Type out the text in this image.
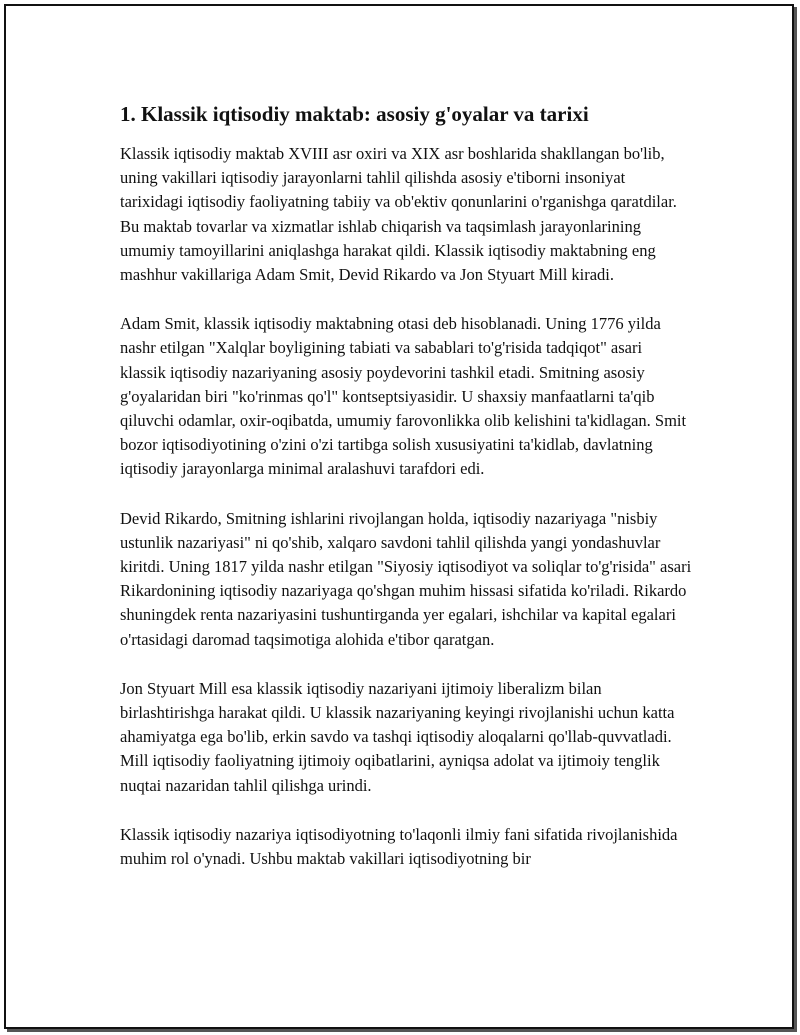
1. Klassik iqtisodiy maktab: asosiy g'oyalar va tarixi

Klassik iqtisodiy maktab XVIII asr oxiri va XIX asr boshlarida shakllangan bo'lib, uning vakillari iqtisodiy jarayonlarni tahlil qilishda asosiy e'tiborni insoniyat tarixidagi iqtisodiy faoliyatning tabiiy va ob'ektiv qonunlarini o'rganishga qaratdilar. Bu maktab tovarlar va xizmatlar ishlab chiqarish va taqsimlash jarayonlarining umumiy tamoyillarini aniqlashga harakat qildi. Klassik iqtisodiy maktabning eng mashhur vakillariga Adam Smit, Devid Rikardo va Jon Styuart Mill kiradi.

Adam Smit, klassik iqtisodiy maktabning otasi deb hisoblanadi. Uning 1776 yilda nashr etilgan "Xalqlar boyligining tabiati va sabablari to'g'risida tadqiqot" asari klassik iqtisodiy nazariyaning asosiy poydevorini tashkil etadi. Smitning asosiy g'oyalaridan biri "ko'rinmas qo'l" kontseptsiyasidir. U shaxsiy manfaatlarni ta'qib qiluvchi odamlar, oxir-oqibatda, umumiy farovonlikka olib kelishini ta'kidlagan. Smit bozor iqtisodiyotining o'zini o'zi tartibga solish xususiyatini ta'kidlab, davlatning iqtisodiy jarayonlarga minimal aralashuvi tarafdori edi.

Devid Rikardo, Smitning ishlarini rivojlangan holda, iqtisodiy nazariyaga "nisbiy ustunlik nazariyasi" ni qo'shib, xalqaro savdoni tahlil qilishda yangi yondashuvlar kiritdi. Uning 1817 yilda nashr etilgan "Siyosiy iqtisodiyot va soliqlar to'g'risida" asari Rikardonining iqtisodiy nazariyaga qo'shgan muhim hissasi sifatida ko'riladi. Rikardo shuningdek renta nazariyasini tushuntirganda yer egalari, ishchilar va kapital egalari o'rtasidagi daromad taqsimotiga alohida e'tibor qaratgan.

Jon Styuart Mill esa klassik iqtisodiy nazariyani ijtimoiy liberalizm bilan birlashtirishga harakat qildi. U klassik nazariyaning keyingi rivojlanishi uchun katta ahamiyatga ega bo'lib, erkin savdo va tashqi iqtisodiy aloqalarni qo'llab-quvvatladi. Mill iqtisodiy faoliyatning ijtimoiy oqibatlarini, ayniqsa adolat va ijtimoiy tenglik nuqtai nazaridan tahlil qilishga urindi.

Klassik iqtisodiy nazariya iqtisodiyotning to'laqonli ilmiy fani sifatida rivojlanishida muhim rol o'ynadi. Ushbu maktab vakillari iqtisodiyotning bir
